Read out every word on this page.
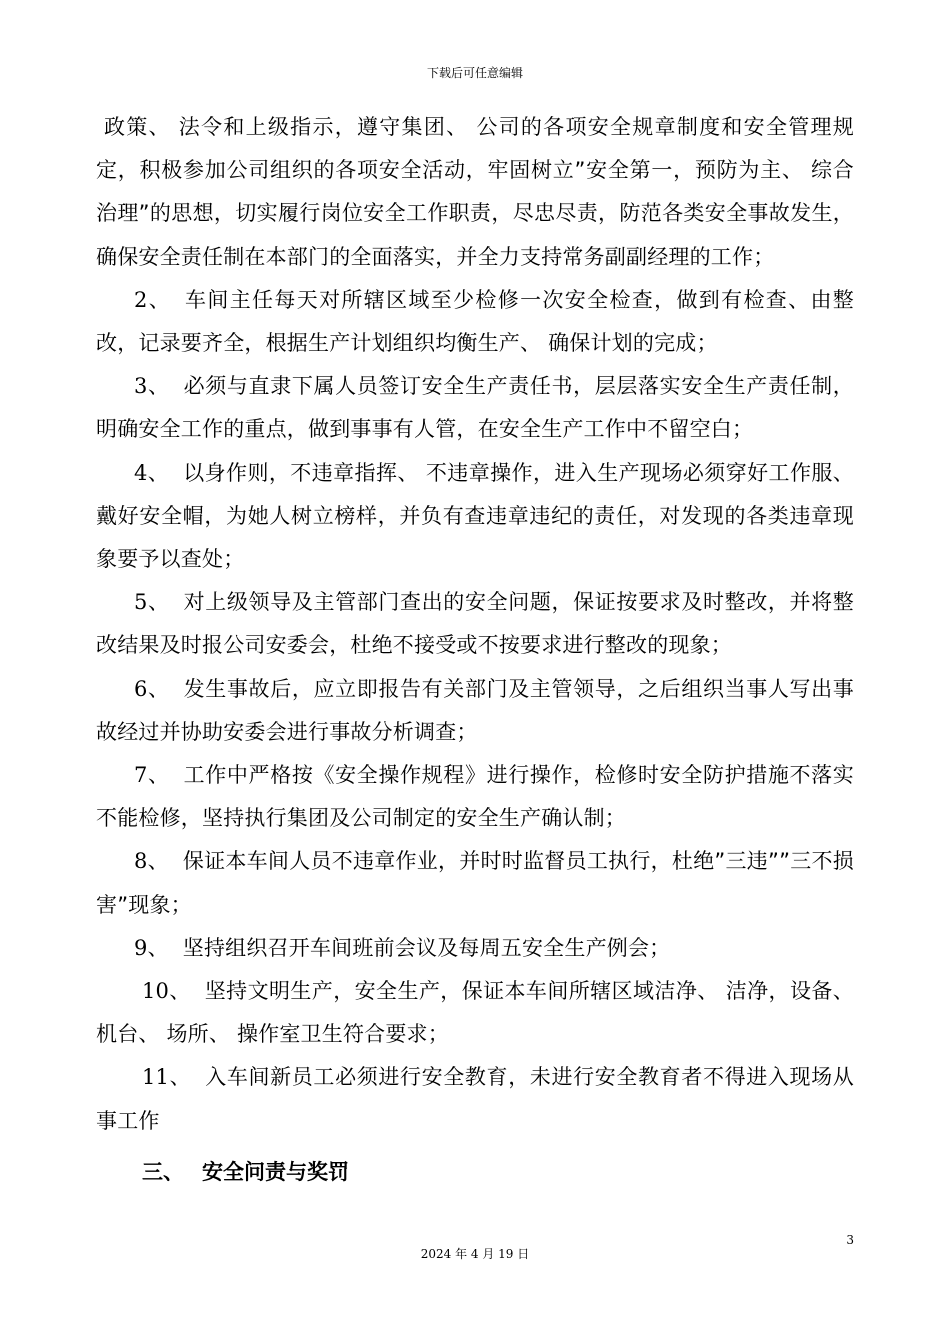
下载后可任意编辑

政策、 法令和上级指示，遵守集团、 公司的各项安全规章制度和安全管理规定，积极参加公司组织的各项安全活动，牢固树立”安全第一，预防为主、 综合治理”的思想，切实履行岗位安全工作职责，尽忠尽责，防范各类安全事故发生，确保安全责任制在本部门的全面落实，并全力支持常务副副经理的工作；

2、 车间主任每天对所辖区域至少检修一次安全检查，做到有检查、由整改，记录要齐全，根据生产计划组织均衡生产、 确保计划的完成；

3、 必须与直隶下属人员签订安全生产责任书，层层落实安全生产责任制，明确安全工作的重点，做到事事有人管，在安全生产工作中不留空白；

4、 以身作则，不违章指挥、 不违章操作，进入生产现场必须穿好工作服、 戴好安全帽，为她人树立榜样，并负有查违章违纪的责任，对发现的各类违章现象要予以查处；

5、 对上级领导及主管部门查出的安全问题，保证按要求及时整改，并将整改结果及时报公司安委会，杜绝不接受或不按要求进行整改的现象；

6、 发生事故后，应立即报告有关部门及主管领导，之后组织当事人写出事故经过并协助安委会进行事故分析调查；

7、 工作中严格按《安全操作规程》进行操作，检修时安全防护措施不落实不能检修，坚持执行集团及公司制定的安全生产确认制；

8、 保证本车间人员不违章作业，并时时监督员工执行，杜绝”三违””三不损害”现象；

9、 坚持组织召开车间班前会议及每周五安全生产例会；

10、 坚持文明生产，安全生产，保证本车间所辖区域洁净、 洁净，设备、 机台、 场所、 操作室卫生符合要求；

11、 入车间新员工必须进行安全教育，未进行安全教育者不得进入现场从事工作

三、 安全问责与奖罚
3
2024 年 4 月 19 日
